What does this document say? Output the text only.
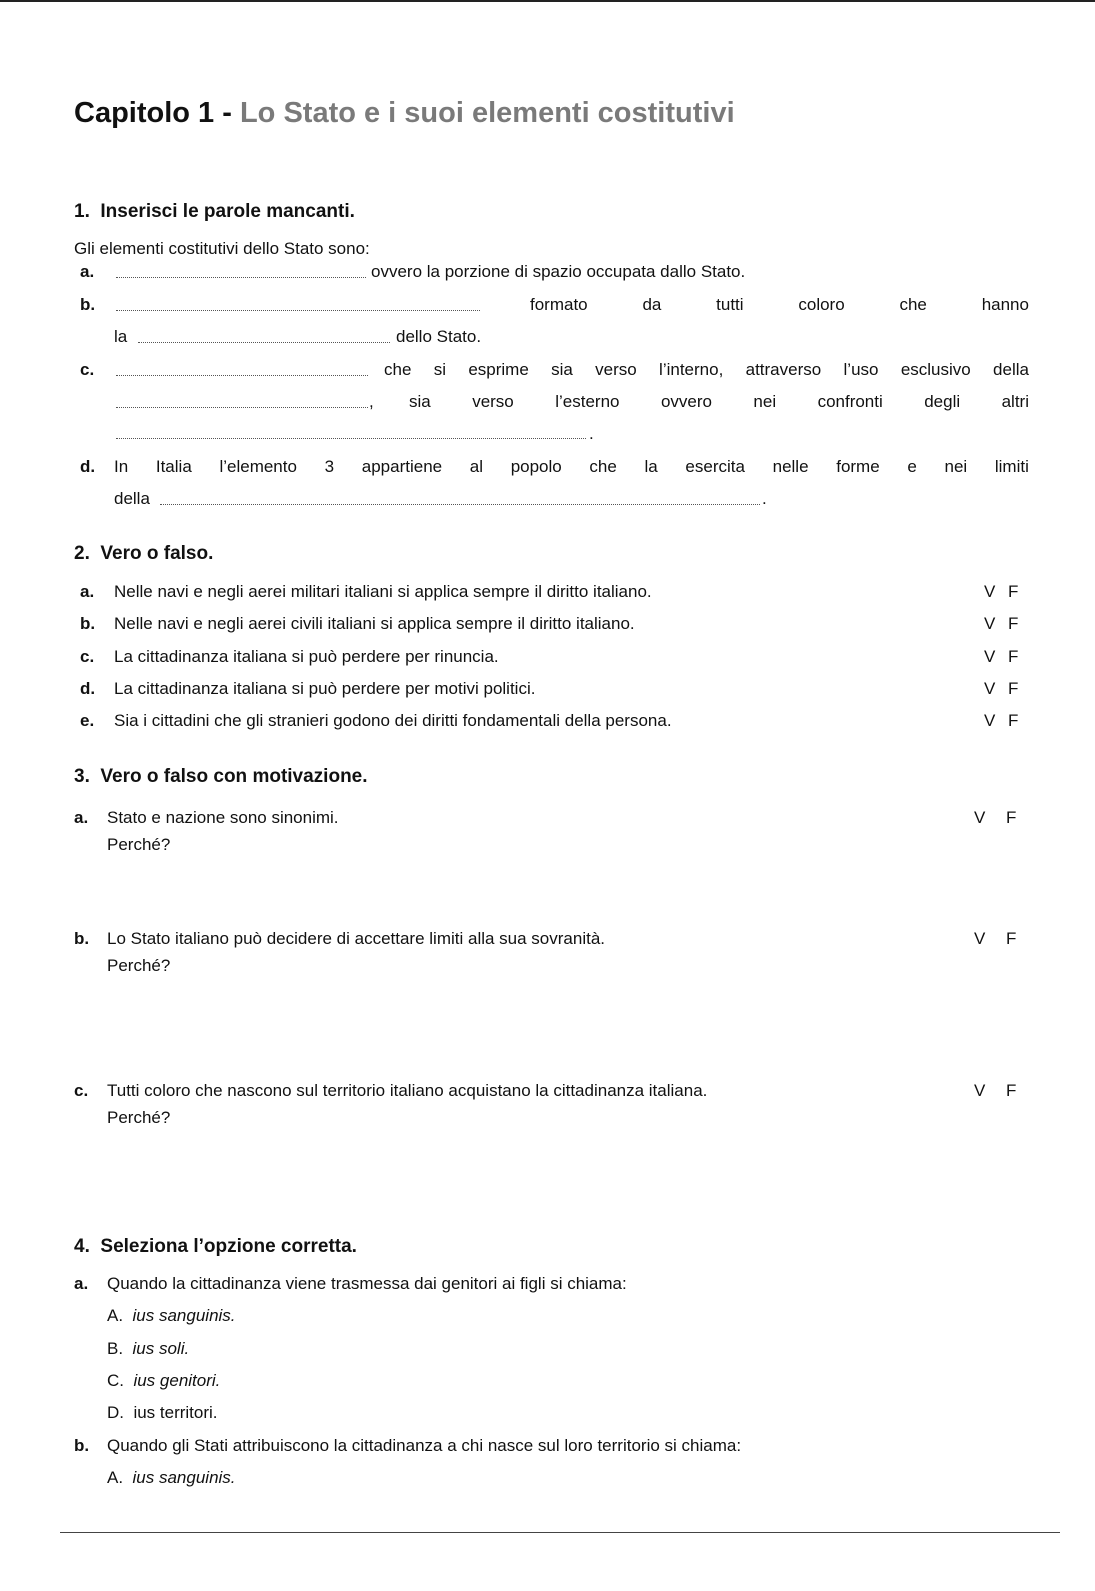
Capitolo 1 - Lo Stato e i suoi elementi costitutivi
1.  Inserisci le parole mancanti.
Gli elementi costitutivi dello Stato sono:
a.	ovvero la porzione di spazio occupata dallo Stato.
b.	formato	da	tutti	coloro	che	hanno
la	dello Stato.
c.	che si esprime sia verso l’interno, attraverso l’uso esclusivo della
, sia verso l’esterno ovvero nei confronti degli altri
.
d. In Italia l’elemento 3 appartiene al popolo che la esercita nelle forme e nei limiti
della	.
2.  Vero o falso.
a. Nelle navi e negli aerei militari italiani si applica sempre il diritto italiano.	V F
b. Nelle navi e negli aerei civili italiani si applica sempre il diritto italiano.	V F
c. La cittadinanza italiana si può perdere per rinuncia.	V F
d. La cittadinanza italiana si può perdere per motivi politici.	V F
e. Sia i cittadini che gli stranieri godono dei diritti fondamentali della persona.	V F
3.  Vero o falso con motivazione.
a. Stato e nazione sono sinonimi.	V F
Perché?
b. Lo Stato italiano può decidere di accettare limiti alla sua sovranità.	V F
Perché?
c. Tutti coloro che nascono sul territorio italiano acquistano la cittadinanza italiana.	V F
Perché?
4.  Seleziona l’opzione corretta.
a. Quando la cittadinanza viene trasmessa dai genitori ai figli si chiama:
A. ius sanguinis.
B. ius soli.
C. ius genitori.
D. ius territori.
b. Quando gli Stati attribuiscono la cittadinanza a chi nasce sul loro territorio si chiama:
A. ius sanguinis.
